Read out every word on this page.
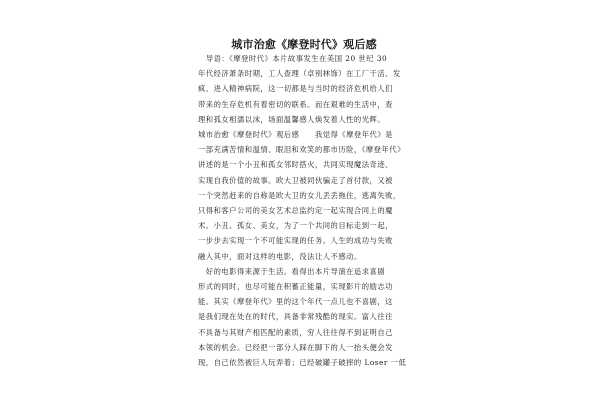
城市治愈《摩登时代》观后感
　导语：《摩登时代》本片故事发生在美国 20 世纪 30
年代经济萧条时期，工人查理（卓别林饰）在工厂干活、发
疯、进入精神病院，这一切都是与当时的经济危机给人们
带来的生存危机有着密切的联系。而在艰难的生活中，查
理和孤女相濡以沫，场面温馨感人焕发着人性的光辉。
城市治愈《摩登时代》观后感　　我觉得《摩登年代》是
一部充满苦情和温情、眼泪和欢笑的都市历险，《摩登年代》
讲述的是一个小丑和孤女邻时搭火，共同实现魔法奇迹、
实现自我价值的故事。欧大卫被同伙骗走了首付款，又被
一个突然赶来的自称是欧大卫的女儿丢丢拖住，逃离失败，
只得和客户公司的美女艺术总监约定一起实现合同上的魔
术。小丑、孤女、美女，为了一个共同的目标走到一起，
一步步去实现一个不可能实现的任务。人生的成功与失败
融入其中，面对这样的电影，没法让人不感动。
　好的电影得来源于生活。看得出本片导演在追求喜剧
形式的同时，也尽可能在积蓄正能量，实现影片的励志功
能。其实《摩登年代》里的这个年代一点儿也不喜剧，这
是我们现在处在的时代，具备非常残酷的现实。富人往往
不具备与其财产相匹配的素质，穷人往往得不到证明自己
本领的机会。已经把一部分人踩在脚下的人一抬头便会发
现，自己依然被巨人玩弄着；已经破罐子破摔的 Loser 一低
